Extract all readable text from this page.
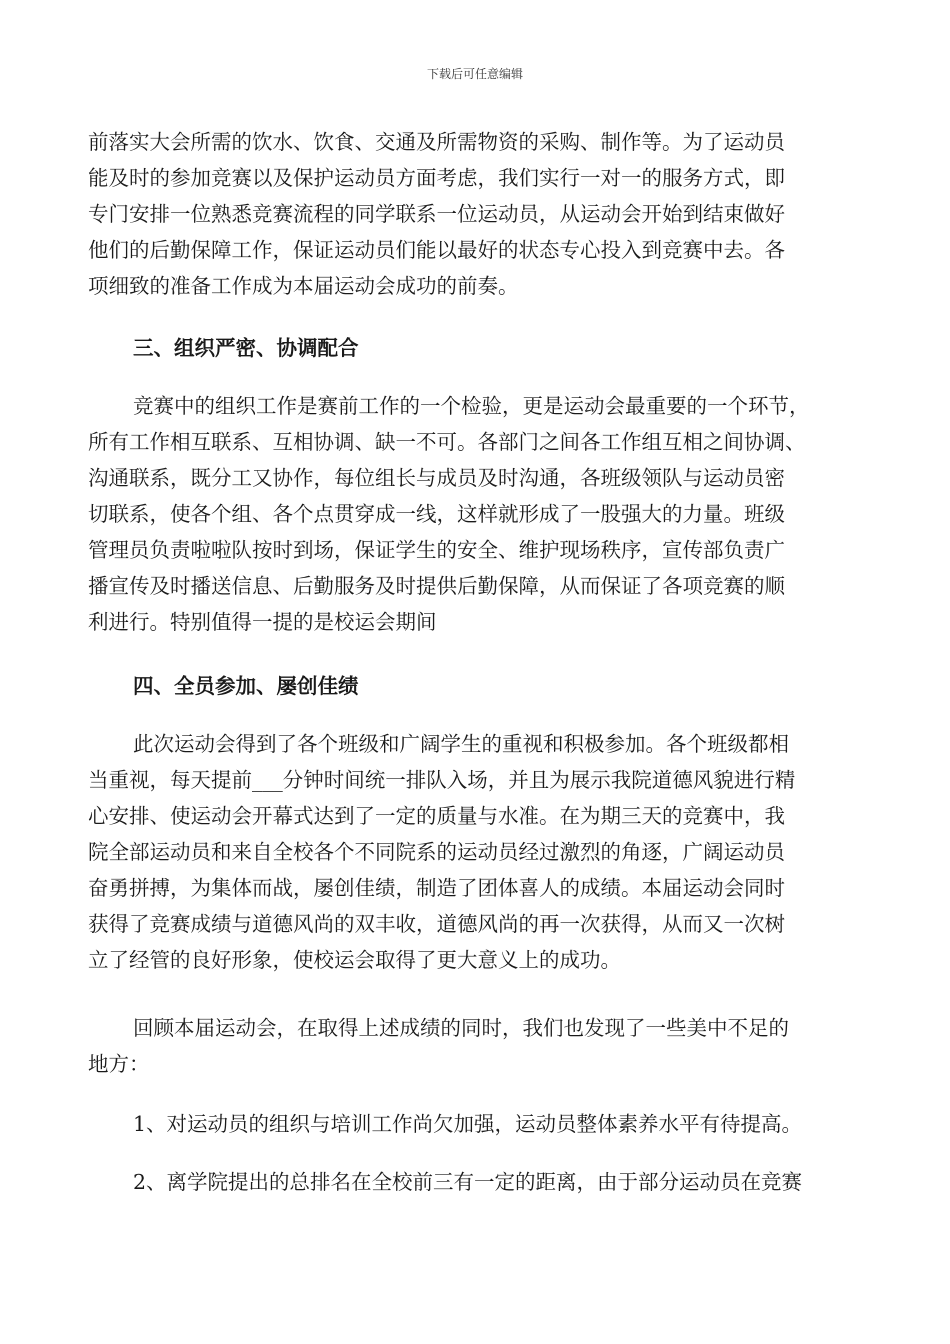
下载后可任意编辑
前落实大会所需的饮水、饮食、交通及所需物资的采购、制作等。为了运动员
能及时的参加竞赛以及保护运动员方面考虑，我们实行一对一的服务方式，即
专门安排一位熟悉竞赛流程的同学联系一位运动员，从运动会开始到结束做好
他们的后勤保障工作，保证运动员们能以最好的状态专心投入到竞赛中去。各
项细致的准备工作成为本届运动会成功的前奏。
三、组织严密、协调配合
竞赛中的组织工作是赛前工作的一个检验，更是运动会最重要的一个环节，
所有工作相互联系、互相协调、缺一不可。各部门之间各工作组互相之间协调、
沟通联系，既分工又协作，每位组长与成员及时沟通，各班级领队与运动员密
切联系，使各个组、各个点贯穿成一线，这样就形成了一股强大的力量。班级
管理员负责啦啦队按时到场，保证学生的安全、维护现场秩序，宣传部负责广
播宣传及时播送信息、后勤服务及时提供后勤保障，从而保证了各项竞赛的顺
利进行。特别值得一提的是校运会期间
四、全员参加、屡创佳绩
此次运动会得到了各个班级和广阔学生的重视和积极参加。各个班级都相
当重视，每天提前___分钟时间统一排队入场，并且为展示我院道德风貌进行精
心安排、使运动会开幕式达到了一定的质量与水准。在为期三天的竞赛中，我
院全部运动员和来自全校各个不同院系的运动员经过激烈的角逐，广阔运动员
奋勇拼搏，为集体而战，屡创佳绩，制造了团体喜人的成绩。本届运动会同时
获得了竞赛成绩与道德风尚的双丰收，道德风尚的再一次获得，从而又一次树
立了经管的良好形象，使校运会取得了更大意义上的成功。
回顾本届运动会，在取得上述成绩的同时，我们也发现了一些美中不足的
地方：
1、对运动员的组织与培训工作尚欠加强，运动员整体素养水平有待提高。
2、离学院提出的总排名在全校前三有一定的距离，由于部分运动员在竞赛
